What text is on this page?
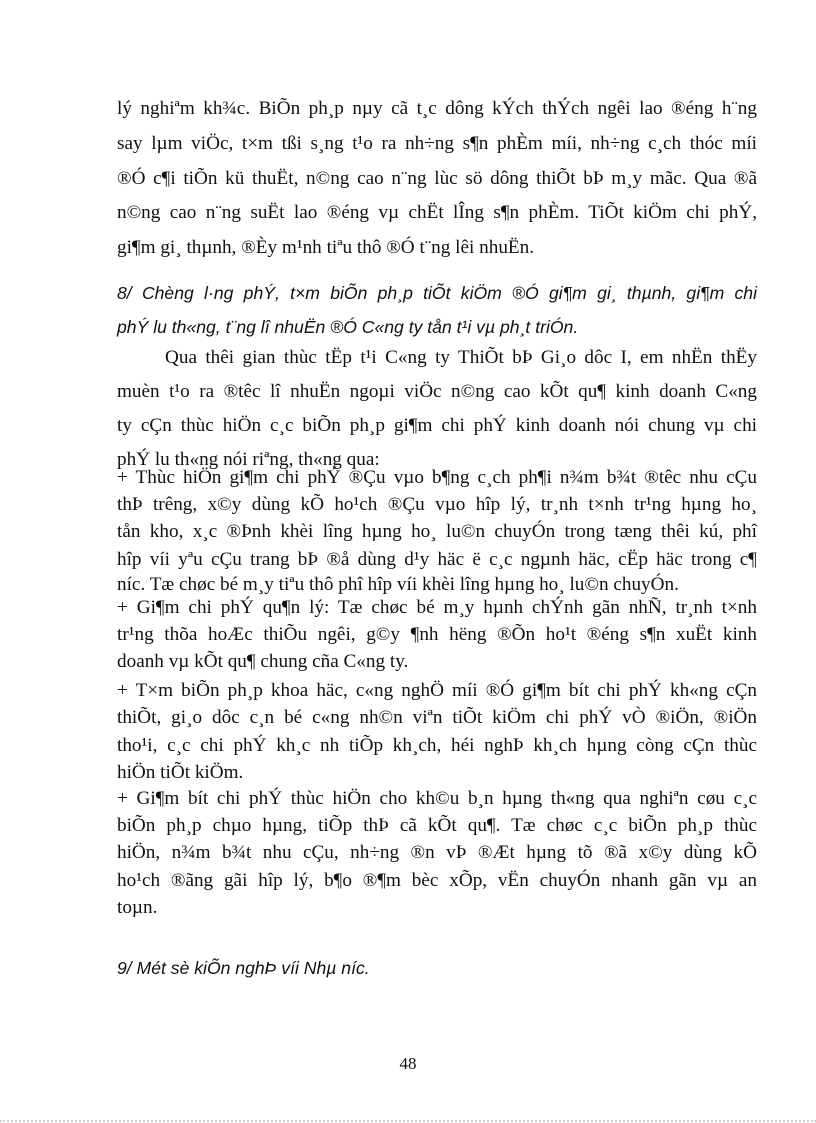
lý nghiªm kh¾c. BiÕn ph¸p nµy cã t¸c dông kÝch thÝch ngêi lao ®éng h¨ng
say lµm viÖc, t×m tßi s¸ng t¹o ra nh÷ng s¶n phÈm míi, nh÷ng c¸ch thóc míi
®Ó c¶i tiÕn kü thuËt, n©ng cao n¨ng lùc sö dông thiÕt bÞ m¸y mãc. Qua ®ã
n©ng cao n¨ng suËt lao ®éng vµ chËt lÎng s¶n phÈm. TiÕt kiÖm chi phÝ,
gi¶m gi¸ thµnh, ®Èy m¹nh tiªu thô ®Ó t¨ng lêi nhuËn.
8/ Chèng l·ng phÝ, t×m biÕn ph¸p tiÕt kiÖm ®Ó gi¶m gi¸ thµnh, gi¶m chi
phÝ lu th«ng, t¨ng lî nhuËn ®Ó C«ng ty tån t¹i vµ ph¸t triÓn.
Qua thêi gian thùc tËp t¹i C«ng ty ThiÕt bÞ Gi¸o dôc I, em nhËn thËy
muèn t¹o ra ®têc lî nhuËn ngoµi viÖc n©ng cao kÕt qu¶ kinh doanh C«ng
ty cÇn thùc hiÖn c¸c biÕn ph¸p gi¶m chi phÝ kinh doanh nói chung vµ chi
phÝ lu th«ng nói riªng, th«ng qua:
+ Thùc hiÖn gi¶m chi phÝ ®Çu vµo b¶ng c¸ch ph¶i n¾m b¾t ®têc nhu cÇu
thÞ trêng, x©y dùng kÕ ho¹ch ®Çu vµo hîp lý, tr¸nh t×nh tr¹ng hµng ho¸
tån kho, x¸c ®Þnh khèi lîng hµng ho¸ lu©n chuyÓn trong tæng thêi kú, phî
hîp víi yªu cÇu trang bÞ ®å dùng d¹y häc ë c¸c ngµnh häc, cËp häc trong c¶
níc. Tæ chøc bé m¸y tiªu thô phî hîp víi khèi lîng hµng ho¸ lu©n chuyÓn.
+ Gi¶m chi phÝ qu¶n lý: Tæ chøc bé m¸y hµnh chÝnh gãn nhÑ, tr¸nh t×nh
tr¹ng thõa hoÆc thiÕu ngêi, g©y ¶nh hëng ®Õn ho¹t ®éng s¶n xuËt kinh
doanh vµ kÕt qu¶ chung cña C«ng ty.
+ T×m biÕn ph¸p khoa häc, c«ng nghÖ míi ®Ó gi¶m bít chi phÝ kh«ng cÇn
thiÕt, gi¸o dôc c¸n bé c«ng nh©n viªn tiÕt kiÖm chi phÝ vÒ ®iÖn, ®iÖn
tho¹i, c¸c chi phÝ kh¸c nh tiÕp kh¸ch, héi nghÞ kh¸ch hµng còng cÇn thùc
hiÖn tiÕt kiÖm.
+ Gi¶m bít chi phÝ thùc hiÖn cho kh©u b¸n hµng th«ng qua nghiªn cøu c¸c
biÕn ph¸p chµo hµng, tiÕp thÞ cã kÕt qu¶. Tæ chøc c¸c biÕn ph¸p thùc
hiÖn, n¾m b¾t nhu cÇu, nh÷ng ®n vÞ ®Æt hµng tõ ®ã x©y dùng kÕ
ho¹ch ®ãng gãi hîp lý, b¶o ®¶m bèc xÕp, vËn chuyÓn nhanh gãn vµ an
toµn.
9/ Mét sè kiÕn nghÞ víi Nhµ níc.
48
